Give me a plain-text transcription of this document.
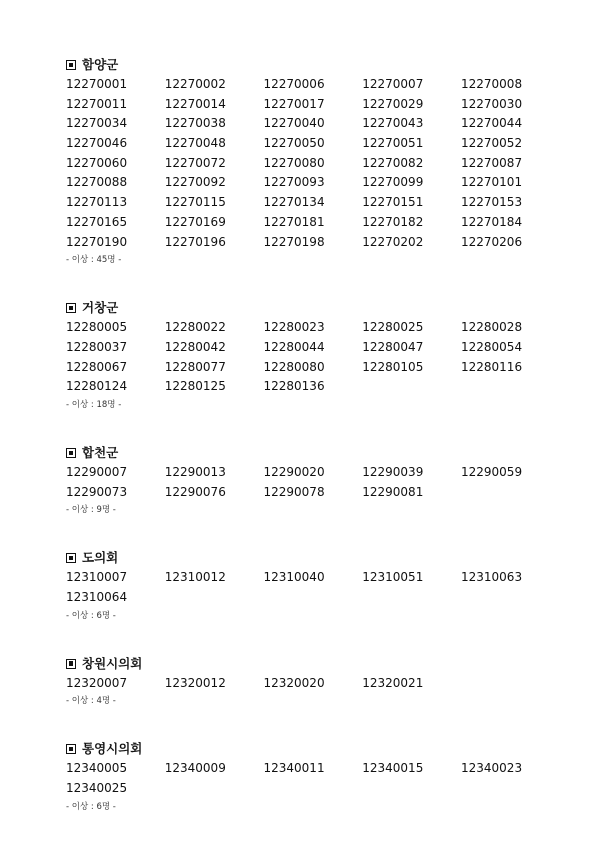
함양군
12270001	12270002	12270006	12270007	12270008
12270011	12270014	12270017	12270029	12270030
12270034	12270038	12270040	12270043	12270044
12270046	12270048	12270050	12270051	12270052
12270060	12270072	12270080	12270082	12270087
12270088	12270092	12270093	12270099	12270101
12270113	12270115	12270134	12270151	12270153
12270165	12270169	12270181	12270182	12270184
12270190	12270196	12270198	12270202	12270206
- 이상 : 45명 -
거창군
12280005	12280022	12280023	12280025	12280028
12280037	12280042	12280044	12280047	12280054
12280067	12280077	12280080	12280105	12280116
12280124	12280125	12280136
- 이상 : 18명 -
합천군
12290007	12290013	12290020	12290039	12290059
12290073	12290076	12290078	12290081
- 이상 : 9명 -
도의회
12310007	12310012	12310040	12310051	12310063
12310064
- 이상 : 6명 -
창원시의회
12320007	12320012	12320020	12320021
- 이상 : 4명 -
통영시의회
12340005	12340009	12340011	12340015	12340023
12340025
- 이상 : 6명 -
